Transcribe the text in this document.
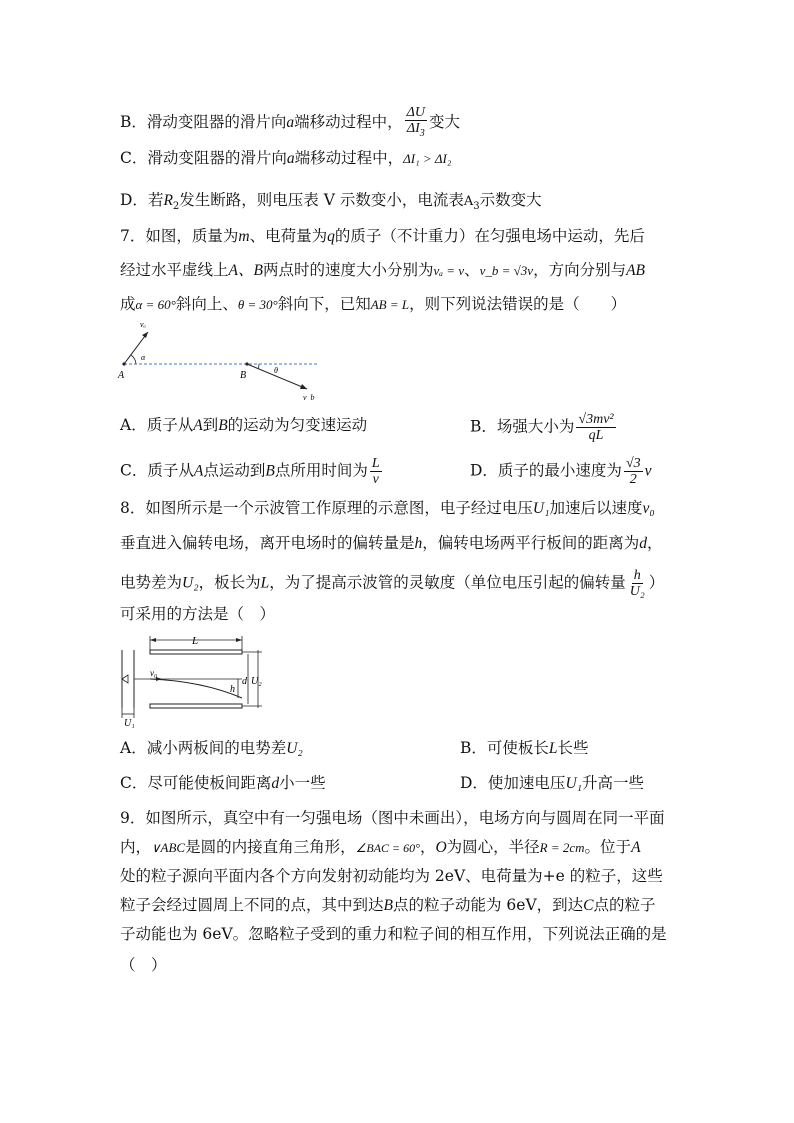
B．滑动变阻器的滑片向a端移动过程中， $\frac{\Delta U}{\Delta I_3}$ 变大
C．滑动变阻器的滑片向a端移动过程中，ΔI₁ > ΔI₂
D．若$R_2$发生断路，则电压表 V 示数变小，电流表$A_3$示数变大
7．如图，质量为m、电荷量为q的质子（不计重力）在匀强电场中运动，先后
经过水平虚线上A、B两点时的速度大小分别为vₐ = v、v_b = √3v，方向分别与AB
成α = 60°斜向上、θ = 30°斜向下，已知AB = L，则下列说法错误的是（　　）
A	B
vₐ
v_b
α
θ
A．质子从A到B的运动为匀变速运动	B．场强大小为 $\frac{\text{√3mv²}}{qL}$
C．质子从A点运动到B点所用时间为 $\frac{L}{v}$	D．质子的最小速度为 $\frac{√3}{2}$ v
8．如图所示是一个示波管工作原理的示意图，电子经过电压U₁加速后以速度v₀
垂直进入偏转电场，离开电场时的偏转量是h，偏转电场两平行板间的距离为d，
电势差为U₂，板长为L，为了提高示波管的灵敏度（单位电压引起的偏转量 $\frac{h}{\text{U₂}}$ ）
可采用的方法是（　）
L
v₀
h
d U₂
U₁
A．减小两板间的电势差U₂	B．可使板长L长些
C．尽可能使板间距离d小一些	D．使加速电压U₁升高一些
9．如图所示，真空中有一匀强电场（图中未画出），电场方向与圆周在同一平面
内，∨ABC是圆的内接直角三角形，∠BAC = 60°，O为圆心，半径R = 2cm。位于A
处的粒子源向平面内各个方向发射初动能均为 2eV、电荷量为+e 的粒子，这些
粒子会经过圆周上不同的点，其中到达B点的粒子动能为 6eV，到达C点的粒子
子动能也为 6eV。忽略粒子受到的重力和粒子间的相互作用，下列说法正确的是
（　）
